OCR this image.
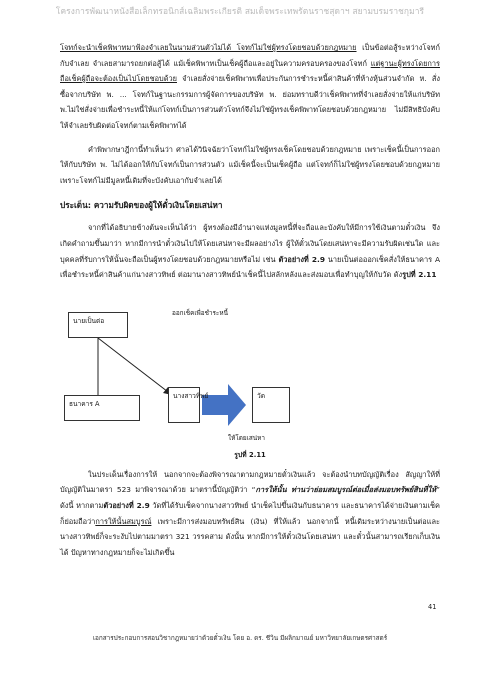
โครงการพัฒนาหนังสือเล็กทรอนิกส์เฉลิมพระเกียรติ สมเด็จพระเทพรัตนราชสุดาฯ สยามบรมราชกุมารี

โจทก์จะนำเช็คพิพาทมาฟ้องจำเลยในนามส่วนตัวไม่ได้ โจทก์ไม่ใช่ผู้ทรงโดยชอบด้วยกฎหมาย เป็นข้อต่อสู้ระหว่างโจทก์กับจำเลย จำเลยสามารถยกต่อสู้ได้ แม้เช็คพิพาทเป็นเช็คผู้ถือและอยู่ในความครอบครองของโจทก์ แต่ฐานะผู้ทรงโดยการถือเช็คผู้ถือจะต้องเป็นไปโดยชอบด้วย จำเลยสั่งจ่ายเช็คพิพาทเพื่อประกันการชำระหนี้ค่าสินค้าที่ห้างหุ้นส่วนจำกัด ห. สั่งซื้อจากบริษัท พ. ... โจทก์ในฐานะกรรมการผู้จัดการของบริษัท พ. ย่อมทราบดีว่าเช็คพิพาทที่จำเลยสั่งจ่ายให้แก่บริษัท พ.ไม่ใช่สั่งจ่ายเพื่อชำระหนี้ให้แก่โจทก์เป็นการส่วนตัวโจทก์จึงไม่ใช่ผู้ทรงเช็คพิพาทโดยชอบด้วยกฎหมาย ไม่มีสิทธิบังคับให้จำเลยรับผิดต่อโจทก์ตามเช็คพิพาทได้

คำพิพากษาฎีกานี้ทำเห็นว่า ศาลได้วินิจฉัยว่าโจทก์ไม่ใช่ผู้ทรงเช็คโดยชอบด้วยกฎหมาย เพราะเช็คนี้เป็นการออกให้กับบริษัท พ. ไม่ได้ออกให้กับโจทก์เป็นการส่วนตัว แม้เช็คนี้จะเป็นเช็คผู้ถือ แต่โจทก์ก็ไม่ใช่ผู้ทรงโดยชอบด้วยกฎหมาย เพราะโจทก์ไม่มีมูลหนี้เดิมที่จะบังคับเอากับจำเลยได้

ประเด็น: ความรับผิดของผู้ให้ตั๋วเงินโดยเสน่หา

จากที่ได้อธิบายข้างต้นจะเห็นได้ว่า ผู้ทรงต้องมีอำนาจแห่งมูลหนี้ที่จะถือและบังคับให้มีการใช้เงินตามตั๋วเงิน จึงเกิดคำถามขึ้นมาว่า หากมีการนำตั๋วเงินไปให้โดยเสน่หาจะมีผลอย่างไร ผู้ให้ตั๋วเงินโดยเสน่หาจะมีความรับผิดเช่นใด และบุคคลที่รับการให้นั้นจะถือเป็นผู้ทรงโดยชอบด้วยกฎหมายหรือไม่ เช่น ตัวอย่างที่ 2.9 นายเป็นต่อออกเช็คสั่งให้ธนาคาร A เพื่อชำระหนี้ค่าสินค้าแก่นางสาวทิพย์ ต่อมานางสาวทิพย์นำเช็คนี้ไปสลักหลังและส่งมอบเพื่อทำบุญให้กับวัด ดังรูปที่ 2.11

นายเป็นต่อ
ออกเช็คเพื่อชำระหนี้
ธนาคาร A
นางสาวทิพย์	วัด
ให้โดยเสน่หา

รูปที่ 2.11

ในประเด็นเรื่องการให้ นอกจากจะต้องพิจารณาตามกฎหมายตั๋วเงินแล้ว จะต้องนำบทบัญญัติเรื่อง สัญญาให้ที่บัญญัติในมาตรา 523 มาพิจารณาด้วย มาตรานี้บัญญัติว่า “การให้นั้น ท่านว่าย่อมสมบูรณ์ต่อเมื่อส่งมอบทรัพย์สินที่ให้” ดังนี้ หากตามตัวอย่างที่ 2.9 วัดที่ได้รับเช็คจากนางสาวทิพย์ นำเช็คไปขึ้นเงินกับธนาคาร และธนาคารได้จ่ายเงินตามเช็ค ก็ย่อมถือว่าการให้นั้นสมบูรณ์ เพราะมีการส่งมอบทรัพย์สิน (เงิน) ที่ให้แล้ว นอกจากนี้ หนี้เดิมระหว่างนายเป็นต่อและนางสาวทิพย์ก็จะระงับไปตามมาตรา 321 วรรคสาม ดังนั้น หากมีการให้ตั๋วเงินโดยเสน่หา และตั๋วนั้นสามารถเรียกเก็บเงินได้ ปัญหาทางกฎหมายก็จะไม่เกิดขึ้น

41
เอกสารประกอบการสอนวิชากฎหมายว่าด้วยตั๋วเงิน โดย อ. ดร. ชีวิน มีผลิกมาณย์ มหาวิทยาลัยเกษตรศาสตร์
